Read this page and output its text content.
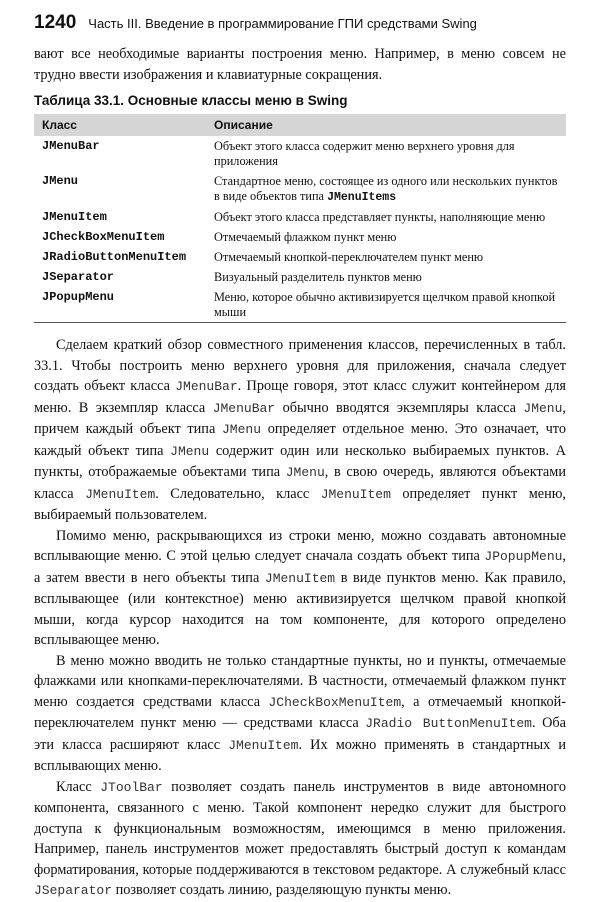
1240 Часть III. Введение в программирование ГПИ средствами Swing

вают все необходимые варианты построения меню. Например, в меню совсем не трудно ввести изображения и клавиатурные сокращения.

Таблица 33.1. Основные классы меню в Swing
Класс	Описание
JMenuBar	Объект этого класса содержит меню верхнего уровня для приложения
JMenu	Стандартное меню, состоящее из одного или нескольких пунктов в виде объектов типа JMenuItems
JMenuItem	Объект этого класса представляет пункты, наполняющие меню
JCheckBoxMenuItem	Отмечаемый флажком пункт меню
JRadioButtonMenuItem	Отмечаемый кнопкой-переключателем пункт меню
JSeparator	Визуальный разделитель пунктов меню
JPopupMenu	Меню, которое обычно активизируется щелчком правой кнопкой мыши

Сделаем краткий обзор совместного применения классов, перечисленных в табл. 33.1. Чтобы построить меню верхнего уровня для приложения, сначала следует создать объект класса JMenuBar. Проще говоря, этот класс служит контейнером для меню. В экземпляр класса JMenuBar обычно вводятся экземпляры класса JMenu, причем каждый объект типа JMenu определяет отдельное меню. Это означает, что каждый объект типа JMenu содержит один или несколько выбираемых пунктов. А пункты, отображаемые объектами типа JMenu, в свою очередь, являются объектами класса JMenuItem. Следовательно, класс JMenuItem определяет пункт меню, выбираемый пользователем.

Помимо меню, раскрывающихся из строки меню, можно создавать автономные всплывающие меню. С этой целью следует сначала создать объект типа JPopupMenu, а затем ввести в него объекты типа JMenuItem в виде пунктов меню. Как правило, всплывающее (или контекстное) меню активизируется щелчком правой кнопкой мыши, когда курсор находится на том компоненте, для которого определено всплывающее меню.

В меню можно вводить не только стандартные пункты, но и пункты, отмечаемые флажками или кнопками-переключателями. В частности, отмечаемый флажком пункт меню создается средствами класса JCheckBoxMenuItem, а отмечаемый кнопкой-переключателем пункт меню — средствами класса JRadio ButtonMenuItem. Оба эти класса расширяют класс JMenuItem. Их можно применять в стандартных и всплывающих меню.

Класс JToolBar позволяет создать панель инструментов в виде автономного компонента, связанного с меню. Такой компонент нередко служит для быстрого доступа к функциональным возможностям, имеющимся в меню приложения. Например, панель инструментов может предоставлять быстрый доступ к командам форматирования, которые поддерживаются в текстовом редакторе. А служебный класс JSeparator позволяет создать линию, разделяющую пункты меню.
